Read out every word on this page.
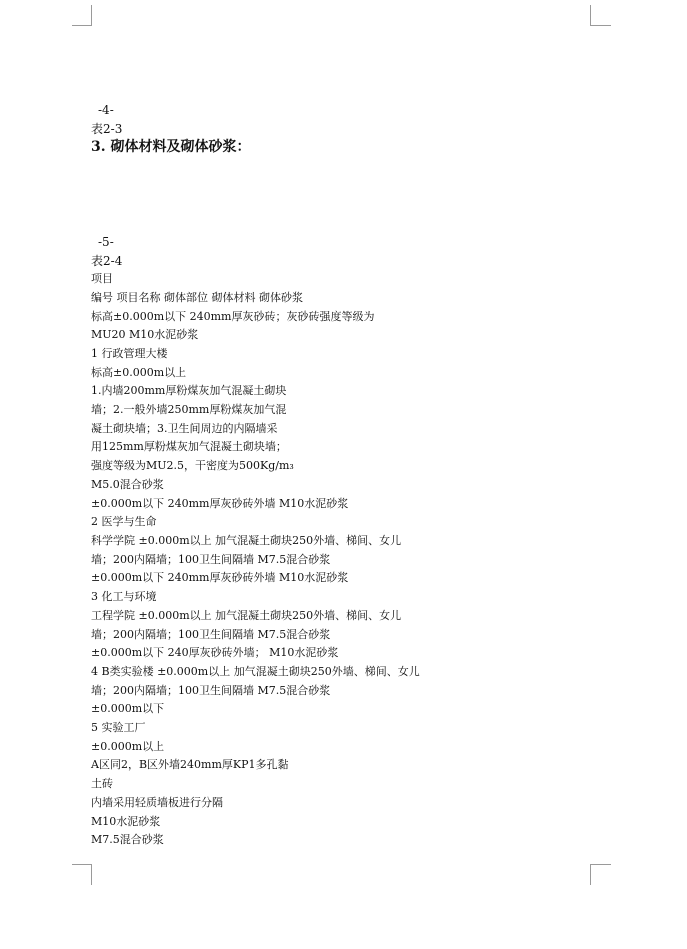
-4-
表2-3
3. 砌体材料及砌体砂浆：
-5-
表2-4
项目
编号 项目名称 砌体部位 砌体材料 砌体砂浆
标高±0.000m以下 240mm厚灰砂砖；灰砂砖强度等级为
MU20 M10水泥砂浆
1 行政管理大楼
标高±0.000m以上
1.内墙200mm厚粉煤灰加气混凝土砌块
墙；2.一般外墙250mm厚粉煤灰加气混
凝土砌块墙；3.卫生间周边的内隔墙采
用125mm厚粉煤灰加气混凝土砌块墙；
强度等级为MU2.5，干密度为500Kg/m₃
M5.0混合砂浆
±0.000m以下 240mm厚灰砂砖外墙 M10水泥砂浆
2 医学与生命
科学学院 ±0.000m以上 加气混凝土砌块250外墙、梯间、女儿
墙；200内隔墙；100卫生间隔墙 M7.5混合砂浆
±0.000m以下 240mm厚灰砂砖外墙 M10水泥砂浆
3 化工与环境
工程学院 ±0.000m以上 加气混凝土砌块250外墙、梯间、女儿
墙；200内隔墙；100卫生间隔墙 M7.5混合砂浆
±0.000m以下 240厚灰砂砖外墙； M10水泥砂浆
4 B类实验楼 ±0.000m以上 加气混凝土砌块250外墙、梯间、女儿
墙；200内隔墙；100卫生间隔墙 M7.5混合砂浆
±0.000m以下
5 实验工厂
±0.000m以上
A区同2，B区外墙240mm厚KP1多孔黏
土砖
内墙采用轻质墙板进行分隔
M10水泥砂浆
M7.5混合砂浆
